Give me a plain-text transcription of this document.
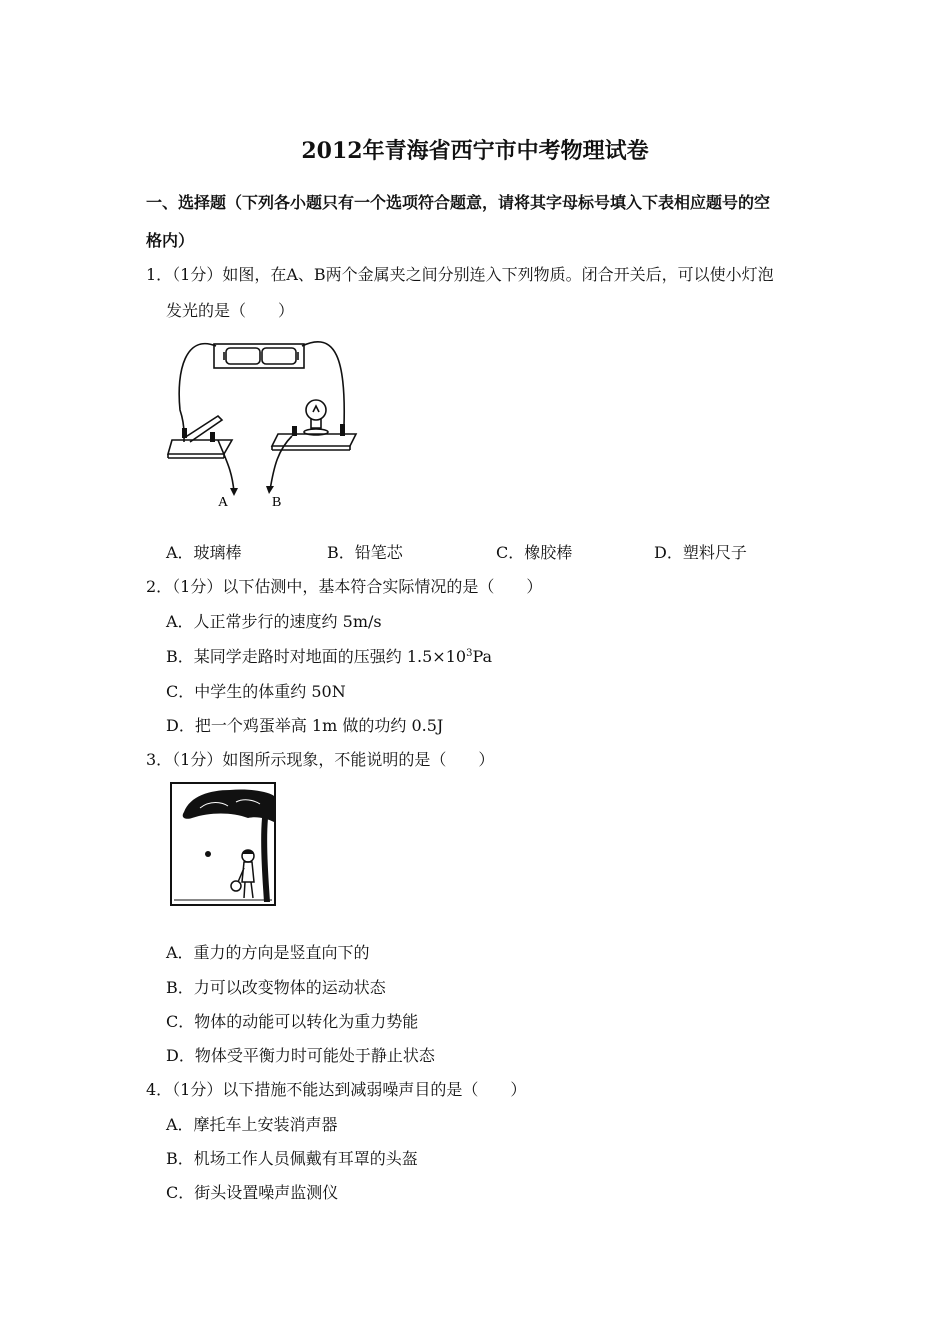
2012年青海省西宁市中考物理试卷
一、选择题（下列各小题只有一个选项符合题意，请将其字母标号填入下表相应题号的空
格内）
1．（1分）如图，在A、B两个金属夹之间分别连入下列物质。闭合开关后，可以使小灯泡
发光的是（　　）
A	B
A．玻璃棒	B．铅笔芯	C．橡胶棒	D．塑料尺子
2．（1分）以下估测中，基本符合实际情况的是（　　）
A．人正常步行的速度约 5m/s
B．某同学走路时对地面的压强约 $1.5\times 10^3Pa$
C．中学生的体重约 50N
D．把一个鸡蛋举高 1m 做的功约 0.5J
3．（1分）如图所示现象，不能说明的是（　　）
A．重力的方向是竖直向下的
B．力可以改变物体的运动状态
C．物体的动能可以转化为重力势能
D．物体受平衡力时可能处于静止状态
4．（1分）以下措施不能达到减弱噪声目的是（　　）
A．摩托车上安装消声器
B．机场工作人员佩戴有耳罩的头盔
C．街头设置噪声监测仪
